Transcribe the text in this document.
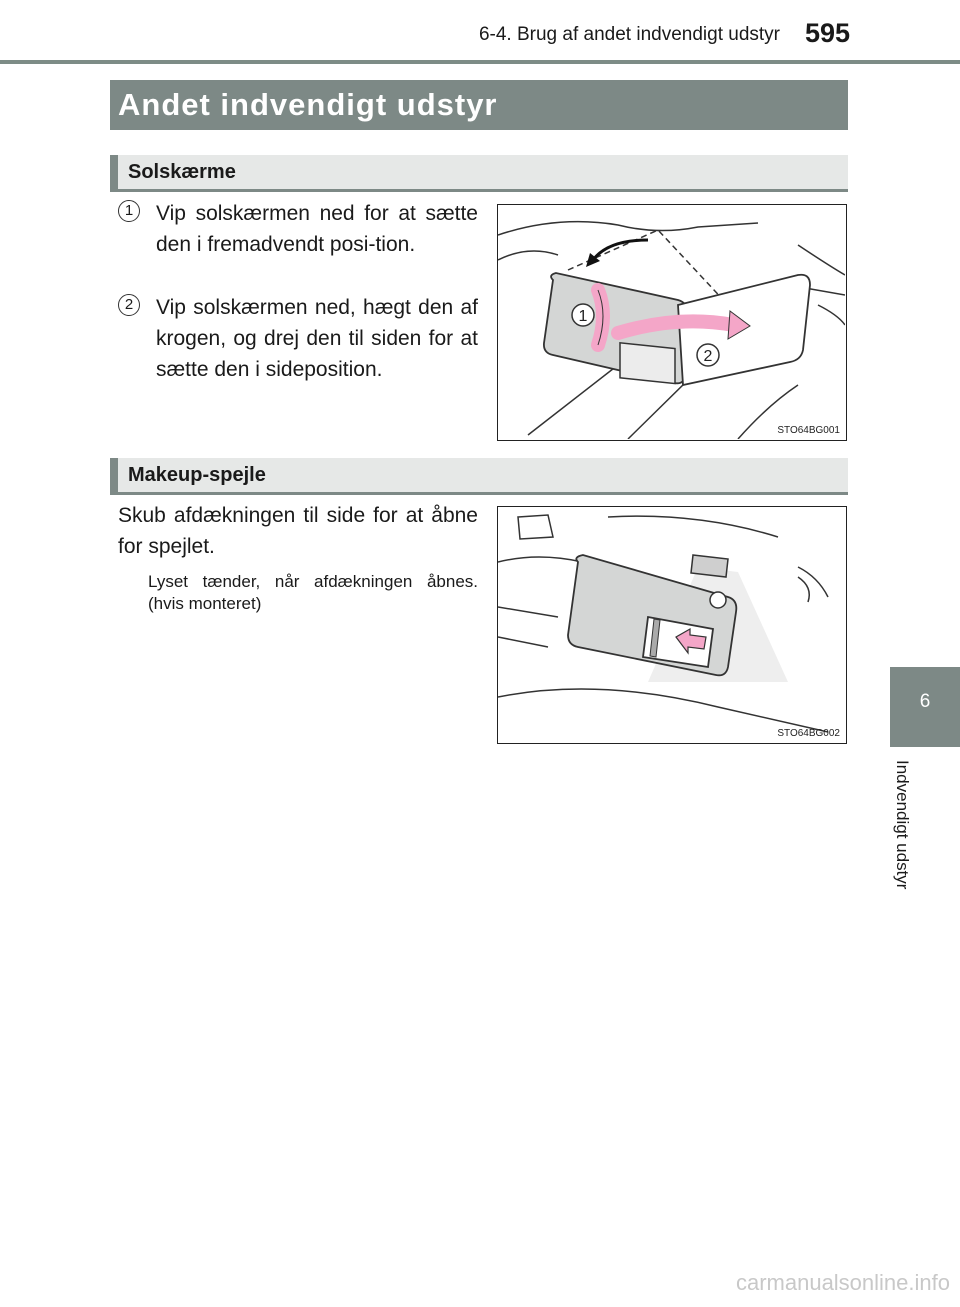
6-4. Brug af andet indvendigt udstyr 595
Andet indvendigt udstyr
Solskærme
1	Vip solskærmen ned for at sætte den i fremadvendt posi-tion.
2	Vip solskærmen ned, hægt den af krogen, og drej den til siden for at sætte den i sideposition.
1
2
STO64BG001
Makeup-spejle
Skub afdækningen til side for at åbne for spejlet.
Lyset tænder, når afdækningen åbnes. (hvis monteret)
STO64BG002
6
Indvendigt udstyr
carmanualsonline.info
